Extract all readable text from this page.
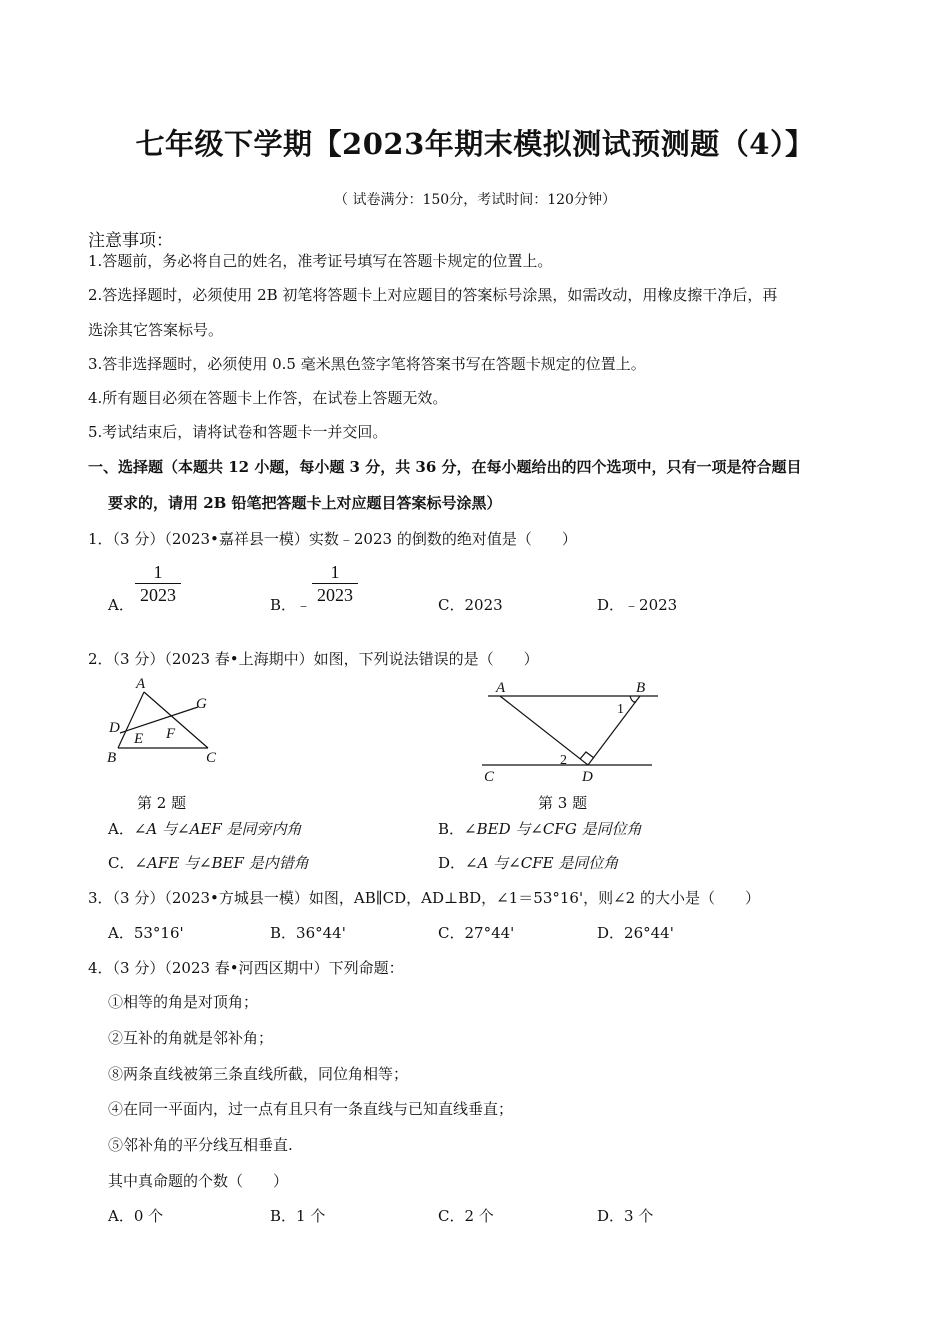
七年级下学期【2023年期末模拟测试预测题（4）】
（ 试卷满分：150分，考试时间：120分钟）
注意事项：
1.答题前，务必将自己的姓名，准考证号填写在答题卡规定的位置上。
2.答选择题时，必须使用 2B 初笔将答题卡上对应题目的答案标号涂黑，如需改动，用橡皮擦干净后，再
选涂其它答案标号。
3.答非选择题时，必须使用 0.5 毫米黑色签字笔将答案书写在答题卡规定的位置上。
4.所有题目必须在答题卡上作答，在试卷上答题无效。
5.考试结束后，请将试卷和答题卡一并交回。
一、选择题（本题共 12 小题，每小题 3 分，共 36 分，在每小题给出的四个选项中，只有一项是符合题目
要求的，请用 2B 铅笔把答题卡上对应题目答案标号涂黑）
1．（3 分）（2023•嘉祥县一模）实数﹣2023 的倒数的绝对值是（　　）
A．
1
2023	B．﹣
1
2023	C．2023	D．﹣2023
2．（3 分）（2023 春•上海期中）如图，下列说法错误的是（　　）
A
G
D
E F
B	C
A	B
C	D
1
2
第 2 题	第 3 题
A．∠A 与∠AEF 是同旁内角	B．∠BED 与∠CFG 是同位角
C．∠AFE 与∠BEF 是内错角	D．∠A 与∠CFE 是同位角
3．（3 分）（2023•方城县一模）如图，AB∥CD，AD⊥BD，∠1＝53°16'，则∠2 的大小是（　　）
A．53°16'	B．36°44'	C．27°44'	D．26°44'
4．（3 分）（2023 春•河西区期中）下列命题：
①相等的角是对顶角；
②互补的角就是邻补角；
⑧两条直线被第三条直线所截，同位角相等；
④在同一平面内，过一点有且只有一条直线与已知直线垂直；
⑤邻补角的平分线互相垂直.
其中真命题的个数（　　）
A．0 个	B．1 个	C．2 个	D．3 个
